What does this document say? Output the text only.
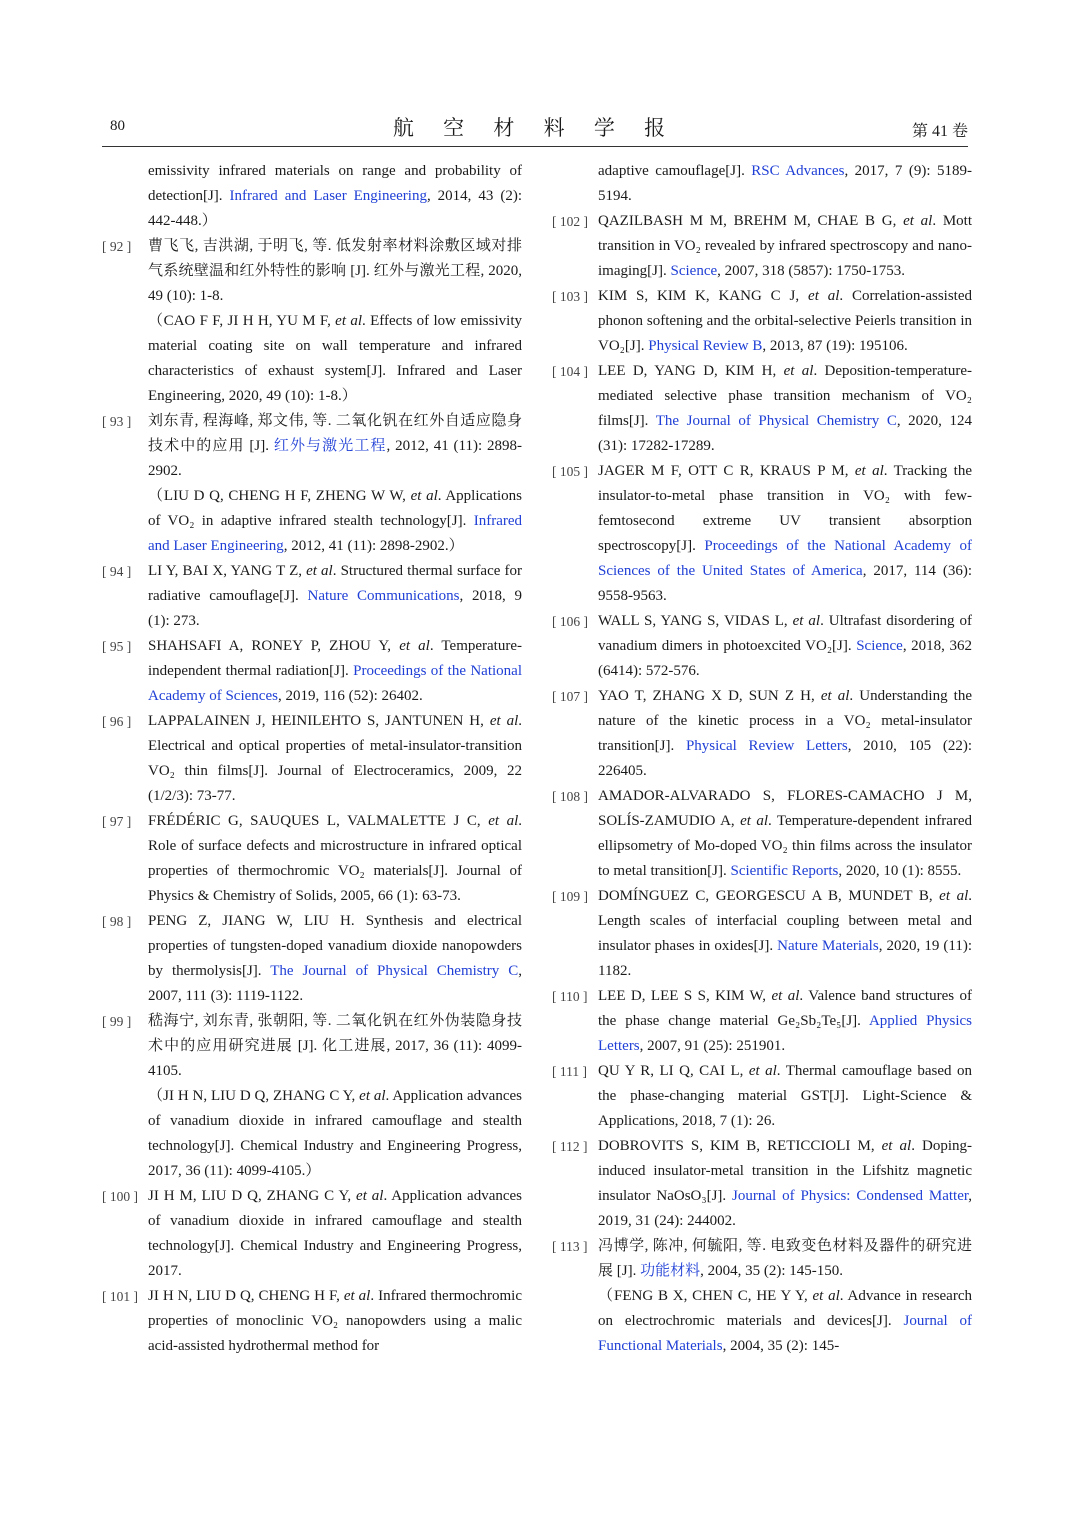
80	航 空 材 料 学 报	第 41 卷
emissivity infrared materials on range and probability of detection[J]. Infrared and Laser Engineering, 2014, 43 (2): 442-448.）
[ 92 ]	曹飞飞, 吉洪湖, 于明飞, 等. 低发射率材料涂敷区域对排气系统壁温和红外特性的影响 [J]. 红外与激光工程, 2020, 49 (10): 1-8.
（CAO F F, JI H H, YU M F, et al. Effects of low emissivity material coating site on wall temperature and infrared characteristics of exhaust system[J]. Infrared and Laser Engineering, 2020, 49 (10): 1-8.）
[ 93 ]	刘东青, 程海峰, 郑文伟, 等. 二氧化钒在红外自适应隐身技术中的应用 [J]. 红外与激光工程, 2012, 41 (11): 2898-2902.
（LIU D Q, CHENG H F, ZHENG W W, et al. Applications of VO₂ in adaptive infrared stealth technology[J]. Infrared and Laser Engineering, 2012, 41 (11): 2898-2902.）
[ 94 ]	LI Y, BAI X, YANG T Z, et al. Structured thermal surface for radiative camouflage[J]. Nature Communications, 2018, 9 (1): 273.
[ 95 ]	SHAHSAFI A, RONEY P, ZHOU Y, et al. Temperature-independent thermal radiation[J]. Proceedings of the National Academy of Sciences, 2019, 116 (52): 26402.
[ 96 ]	LAPPALAINEN J, HEINILEHTO S, JANTUNEN H, et al. Electrical and optical properties of metal-insulator-transition VO₂ thin films[J]. Journal of Electroceramics, 2009, 22 (1/2/3): 73-77.
[ 97 ]	FRÉDÉRIC G, SAUQUES L, VALMALETTE J C, et al. Role of surface defects and microstructure in infrared optical properties of thermochromic VO₂ materials[J]. Journal of Physics & Chemistry of Solids, 2005, 66 (1): 63-73.
[ 98 ]	PENG Z, JIANG W, LIU H. Synthesis and electrical properties of tungsten-doped vanadium dioxide nanopowders by thermolysis[J]. The Journal of Physical Chemistry C, 2007, 111 (3): 1119-1122.
[ 99 ]	嵇海宁, 刘东青, 张朝阳, 等. 二氧化钒在红外伪装隐身技术中的应用研究进展 [J]. 化工进展, 2017, 36 (11): 4099-4105.
（JI H N, LIU D Q, ZHANG C Y, et al. Application advances of vanadium dioxide in infrared camouflage and stealth technology[J]. Chemical Industry and Engineering Progress, 2017, 36 (11): 4099-4105.）
[ 100 ] JI H M, LIU D Q, ZHANG C Y, et al. Application advances of vanadium dioxide in infrared camouflage and stealth technology[J]. Chemical Industry and Engineering Progress, 2017.
[ 101 ] JI H N, LIU D Q, CHENG H F, et al. Infrared thermochromic properties of monoclinic VO₂ nanopowders using a malic acid-assisted hydrothermal method for
adaptive camouflage[J]. RSC Advances, 2017, 7 (9): 5189-5194.
[ 102 ] QAZILBASH M M, BREHM M, CHAE B G, et al. Mott transition in VO₂ revealed by infrared spectroscopy and nano-imaging[J]. Science, 2007, 318 (5857): 1750-1753.
[ 103 ] KIM S, KIM K, KANG C J, et al. Correlation-assisted phonon softening and the orbital-selective Peierls transition in VO₂[J]. Physical Review B, 2013, 87 (19): 195106.
[ 104 ] LEE D, YANG D, KIM H, et al. Deposition-temperature-mediated selective phase transition mechanism of VO₂ films[J]. The Journal of Physical Chemistry C, 2020, 124 (31): 17282-17289.
[ 105 ] JAGER M F, OTT C R, KRAUS P M, et al. Tracking the insulator-to-metal phase transition in VO₂ with few-femtosecond extreme UV transient absorption spectroscopy[J]. Proceedings of the National Academy of Sciences of the United States of America, 2017, 114 (36): 9558-9563.
[ 106 ] WALL S, YANG S, VIDAS L, et al. Ultrafast disordering of vanadium dimers in photoexcited VO₂[J]. Science, 2018, 362 (6414): 572-576.
[ 107 ] YAO T, ZHANG X D, SUN Z H, et al. Understanding the nature of the kinetic process in a VO₂ metal-insulator transition[J]. Physical Review Letters, 2010, 105 (22): 226405.
[ 108 ] AMADOR-ALVARADO S, FLORES-CAMACHO J M, SOLÍS-ZAMUDIO A, et al. Temperature-dependent infrared ellipsometry of Mo-doped VO₂ thin films across the insulator to metal transition[J]. Scientific Reports, 2020, 10 (1): 8555.
[ 109 ] DOMÍNGUEZ C, GEORGESCU A B, MUNDET B, et al. Length scales of interfacial coupling between metal and insulator phases in oxides[J]. Nature Materials, 2020, 19 (11): 1182.
[ 110 ] LEE D, LEE S S, KIM W, et al. Valence band structures of the phase change material Ge₂Sb₂Te₅[J]. Applied Physics Letters, 2007, 91 (25): 251901.
[ 111 ] QU Y R, LI Q, CAI L, et al. Thermal camouflage based on the phase-changing material GST[J]. Light-Science & Applications, 2018, 7 (1): 26.
[ 112 ] DOBROVITS S, KIM B, RETICCIOLI M, et al. Doping-induced insulator-metal transition in the Lifshitz magnetic insulator NaOsO₃[J]. Journal of Physics: Condensed Matter, 2019, 31 (24): 244002.
[ 113 ] 冯博学, 陈冲, 何毓阳, 等. 电致变色材料及器件的研究进展 [J]. 功能材料, 2004, 35 (2): 145-150.
（FENG B X, CHEN C, HE Y Y, et al. Advance in research on electrochromic materials and devices[J]. Journal of Functional Materials, 2004, 35 (2): 145-
